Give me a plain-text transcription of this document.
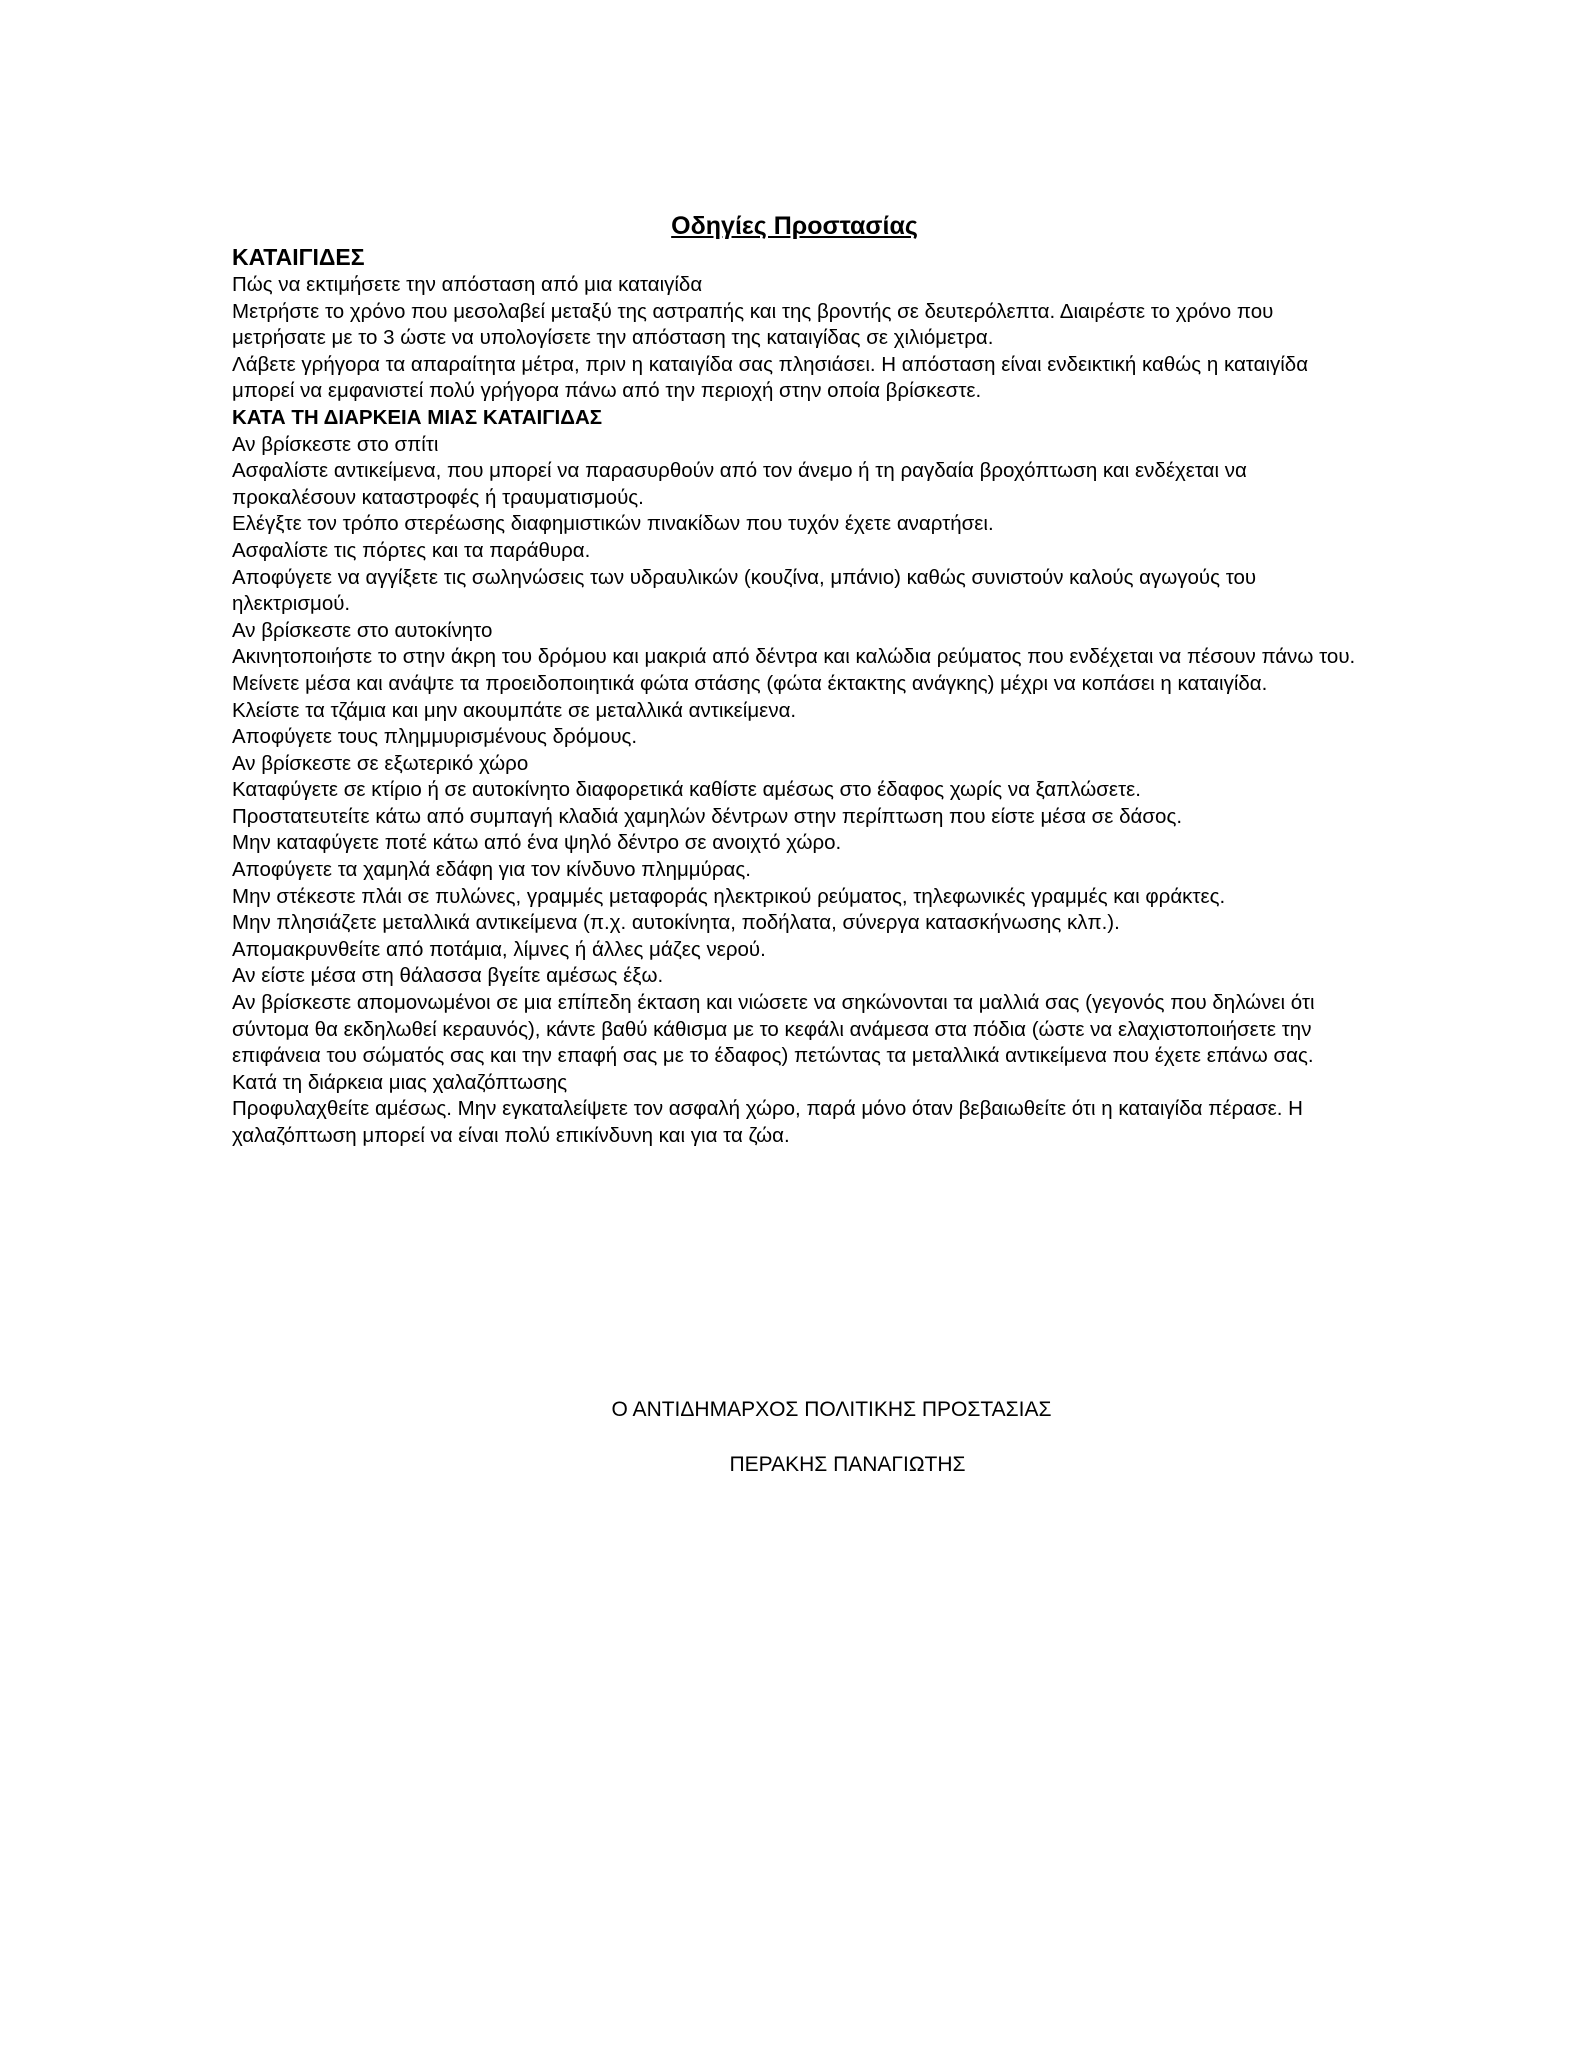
Οδηγίες Προστασίας
ΚΑΤΑΙΓΙΔΕΣ

Πώς να εκτιμήσετε την απόσταση από μια καταιγίδα

Μετρήστε το χρόνο που μεσολαβεί μεταξύ της αστραπής και της βροντής σε δευτερόλεπτα. Διαιρέστε το χρόνο που μετρήσατε με το 3 ώστε να υπολογίσετε την απόσταση της καταιγίδας σε χιλιόμετρα.

Λάβετε γρήγορα τα απαραίτητα μέτρα, πριν η καταιγίδα σας πλησιάσει. Η απόσταση είναι ενδεικτική καθώς η καταιγίδα μπορεί να εμφανιστεί πολύ γρήγορα πάνω από την περιοχή στην οποία βρίσκεστε.

ΚΑΤΑ ΤΗ ΔΙΑΡΚΕΙΑ ΜΙΑΣ ΚΑΤΑΙΓΙΔΑΣ

Αν βρίσκεστε στο σπίτι

Ασφαλίστε αντικείμενα, που μπορεί να παρασυρθούν από τον άνεμο ή τη ραγδαία βροχόπτωση και ενδέχεται να προκαλέσουν καταστροφές ή τραυματισμούς.

Ελέγξτε τον τρόπο στερέωσης διαφημιστικών πινακίδων που τυχόν έχετε αναρτήσει.

Ασφαλίστε τις πόρτες και τα παράθυρα.

Αποφύγετε να αγγίξετε τις σωληνώσεις των υδραυλικών (κουζίνα, μπάνιο) καθώς συνιστούν καλούς αγωγούς του ηλεκτρισμού.

Αν βρίσκεστε στο αυτοκίνητο

Ακινητοποιήστε το στην άκρη του δρόμου και μακριά από δέντρα και καλώδια ρεύματος που ενδέχεται να πέσουν πάνω του.

Μείνετε μέσα και ανάψτε τα προειδοποιητικά φώτα στάσης (φώτα έκτακτης ανάγκης) μέχρι να κοπάσει η καταιγίδα.

Κλείστε τα τζάμια και μην ακουμπάτε σε μεταλλικά αντικείμενα.

Αποφύγετε τους πλημμυρισμένους δρόμους.

Αν βρίσκεστε σε εξωτερικό χώρο

Καταφύγετε σε κτίριο ή σε αυτοκίνητο διαφορετικά καθίστε αμέσως στο έδαφος χωρίς να ξαπλώσετε.

Προστατευτείτε κάτω από συμπαγή κλαδιά χαμηλών δέντρων στην περίπτωση που είστε μέσα σε δάσος.

Μην καταφύγετε ποτέ κάτω από ένα ψηλό δέντρο σε ανοιχτό χώρο.

Αποφύγετε τα χαμηλά εδάφη για τον κίνδυνο πλημμύρας.

Μην στέκεστε πλάι σε πυλώνες, γραμμές μεταφοράς ηλεκτρικού ρεύματος, τηλεφωνικές γραμμές και φράκτες.

Μην πλησιάζετε μεταλλικά αντικείμενα (π.χ. αυτοκίνητα, ποδήλατα, σύνεργα κατασκήνωσης κλπ.).

Απομακρυνθείτε από ποτάμια, λίμνες ή άλλες μάζες νερού.

Αν είστε μέσα στη θάλασσα βγείτε αμέσως έξω.

Αν βρίσκεστε απομονωμένοι σε μια επίπεδη έκταση και νιώσετε να σηκώνονται τα μαλλιά σας (γεγονός που δηλώνει ότι σύντομα θα εκδηλωθεί κεραυνός), κάντε βαθύ κάθισμα με το κεφάλι ανάμεσα στα πόδια (ώστε να ελαχιστοποιήσετε την επιφάνεια του σώματός σας και την επαφή σας με το έδαφος) πετώντας τα μεταλλικά αντικείμενα που έχετε επάνω σας.

Κατά τη διάρκεια μιας χαλαζόπτωσης

Προφυλαχθείτε αμέσως. Μην εγκαταλείψετε τον ασφαλή χώρο, παρά μόνο όταν βεβαιωθείτε ότι η καταιγίδα πέρασε. Η χαλαζόπτωση μπορεί να είναι πολύ επικίνδυνη και για τα ζώα.

Ο ΑΝΤΙΔΗΜΑΡΧΟΣ ΠΟΛΙΤΙΚΗΣ ΠΡΟΣΤΑΣΙΑΣ
ΠΕΡΑΚΗΣ ΠΑΝΑΓΙΩΤΗΣ
